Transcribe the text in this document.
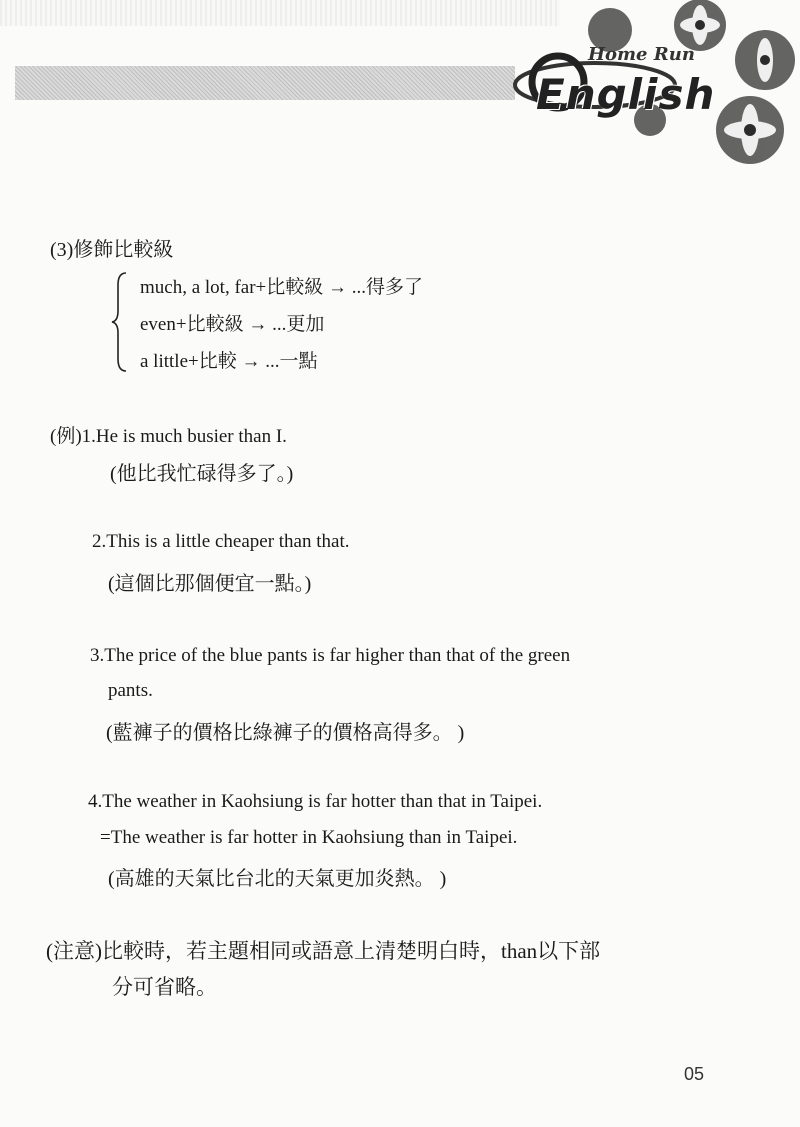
Home Run
English
(3)修飾比較級
much, a lot, far+比較級 → ...得多了
even+比較級 → ...更加
a little+比較 → ...一點
(例)1.He is much busier than I.
(他比我忙碌得多了。)
2.This is a little cheaper than that.
(這個比那個便宜一點。)
3.The price of the blue pants is far higher than that of the green
pants.
(藍褲子的價格比綠褲子的價格高得多。 )
4.The weather in Kaohsiung is far hotter than that in Taipei.
=The weather is far hotter in Kaohsiung than in Taipei.
(高雄的天氣比台北的天氣更加炎熱。 )
(注意)比較時，若主題相同或語意上清楚明白時，than以下部
分可省略。
05
